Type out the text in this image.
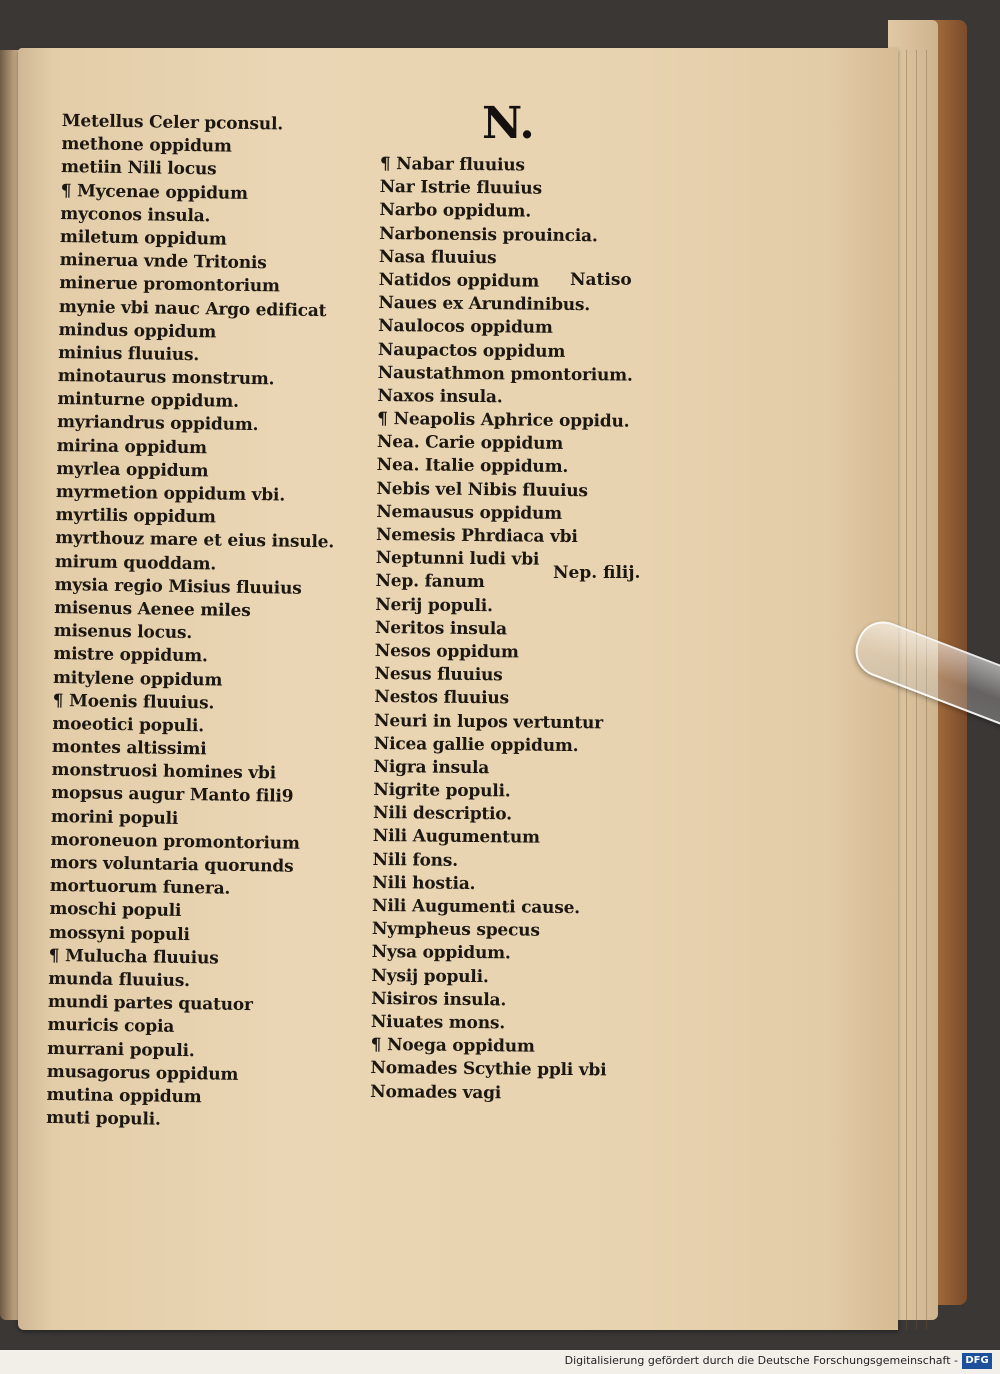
N.
Metellus Celer pconsul.
methone oppidum
metiin Nili locus
¶ Mycenae oppidum
myconos insula.
miletum oppidum
minerua vnde Tritonis
minerue promontorium
mynie vbi nauc Argo edificat
mindus oppidum
minius fluuius.
minotaurus monstrum.
minturne oppidum.
myriandrus oppidum.
mirina oppidum
myrlea oppidum
myrmetion oppidum vbi.
myrtilis oppidum
myrthouz mare et eius insule.
mirum quoddam.
mysia regio Misius fluuius
misenus Aenee miles
misenus locus.
mistre oppidum.
mitylene oppidum
¶ Moenis fluuius.
moeotici populi.
montes altissimi
monstruosi homines vbi
mopsus augur Manto fili9
morini populi
moroneuon promontorium
mors voluntaria quorunds
mortuorum funera.
moschi populi
mossyni populi
¶ Mulucha fluuius
munda fluuius.
mundi partes quatuor
muricis copia
murrani populi.
musagorus oppidum
mutina oppidum
muti populi.
¶ Nabar fluuius
Nar Istrie fluuius
Narbo oppidum.
Narbonensis prouincia.
Nasa fluuius
Natidos oppidum
Naues ex Arundinibus.
Naulocos oppidum
Naupactos oppidum
Naustathmon pmontorium.
Naxos insula.
¶ Neapolis Aphrice oppidu.
Nea. Carie oppidum
Nea. Italie oppidum.
Nebis vel Nibis fluuius
Nemausus oppidum
Nemesis Phrdiaca vbi
Neptunni ludi vbi
Nep. fanum
Nerij populi.
Neritos insula
Nesos oppidum
Nesus fluuius
Nestos fluuius
Neuri in lupos vertuntur
Nicea gallie oppidum.
Nigra insula
Nigrite populi.
Nili descriptio.
Nili Augumentum
Nili fons.
Nili hostia.
Nili Augumenti cause.
Nympheus specus
Nysa oppidum.
Nysij populi.
Nisiros insula.
Niuates mons.
¶ Noega oppidum
Nomades Scythie ppli vbi
Nomades vagi
Natiso
Nep. filij.
Digitalisierung gefördert durch die Deutsche Forschungsgemeinschaft - DFG
